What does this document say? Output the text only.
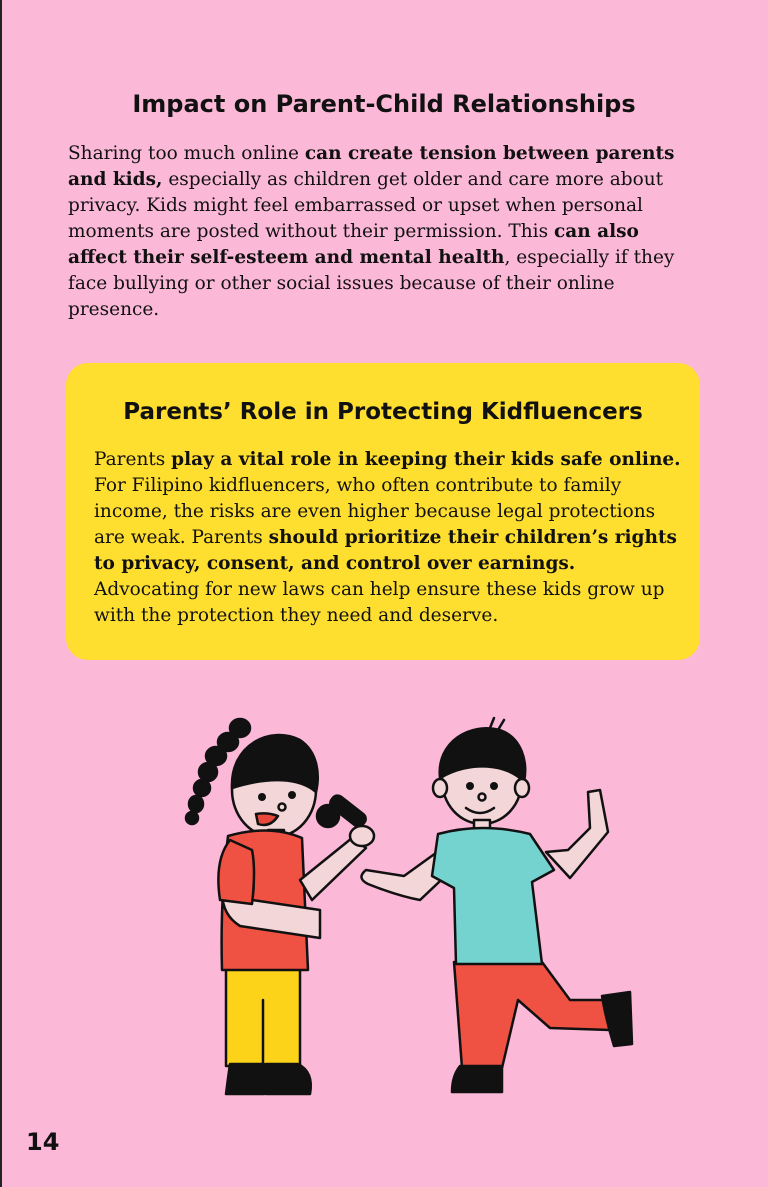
Impact on Parent-Child Relationships

Sharing too much online can create tension between parents and kids, especially as children get older and care more about privacy. Kids might feel embarrassed or upset when personal moments are posted without their permission. This can also affect their self-esteem and mental health, especially if they face bullying or other social issues because of their online presence.

Parents’ Role in Protecting Kidfluencers

Parents play a vital role in keeping their kids safe online. For Filipino kidfluencers, who often contribute to family income, the risks are even higher because legal protections are weak. Parents should prioritize their children’s rights to privacy, consent, and control over earnings. Advocating for new laws can help ensure these kids grow up with the protection they need and deserve.

14
